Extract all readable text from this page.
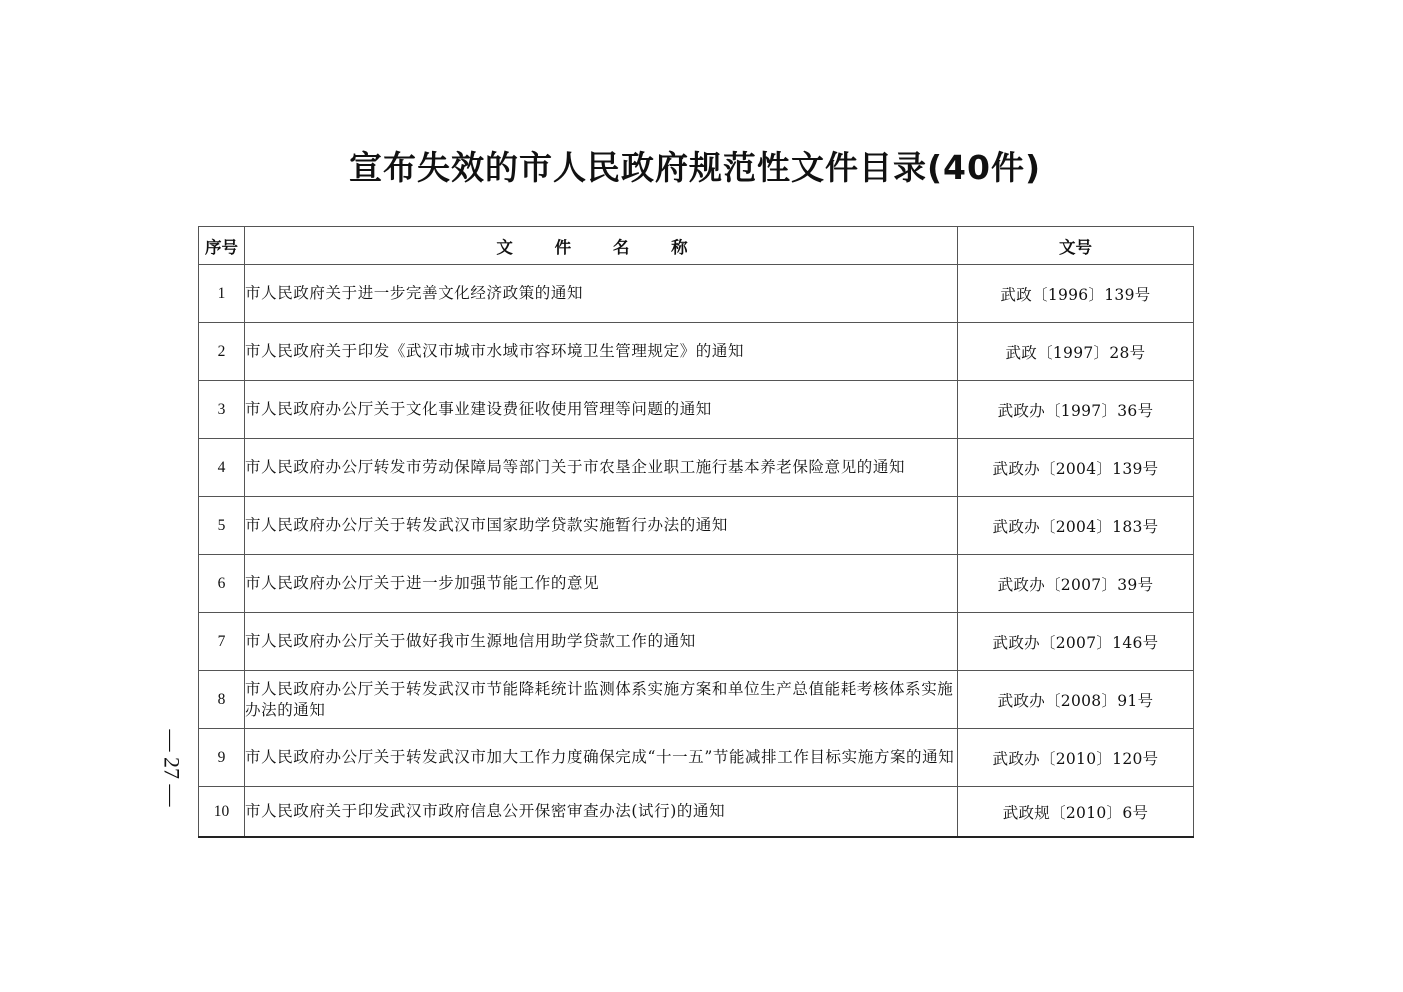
宣布失效的市人民政府规范性文件目录(40件)
序号	文 件 名 称	文号
1	市人民政府关于进一步完善文化经济政策的通知	武政〔1996〕139号
2	市人民政府关于印发《武汉市城市水域市容环境卫生管理规定》的通知	武政〔1997〕28号
3	市人民政府办公厅关于文化事业建设费征收使用管理等问题的通知	武政办〔1997〕36号
4	市人民政府办公厅转发市劳动保障局等部门关于市农垦企业职工施行基本养老保险意见的通知	武政办〔2004〕139号
5	市人民政府办公厅关于转发武汉市国家助学贷款实施暂行办法的通知	武政办〔2004〕183号
6	市人民政府办公厅关于进一步加强节能工作的意见	武政办〔2007〕39号
7	市人民政府办公厅关于做好我市生源地信用助学贷款工作的通知	武政办〔2007〕146号
8	市人民政府办公厅关于转发武汉市节能降耗统计监测体系实施方案和单位生产总值能耗考核体系实施办法的通知	武政办〔2008〕91号
9	市人民政府办公厅关于转发武汉市加大工作力度确保完成“十一五”节能减排工作目标实施方案的通知	武政办〔2010〕120号
10	市人民政府关于印发武汉市政府信息公开保密审查办法(试行)的通知	武政规〔2010〕6号
— 27 —
